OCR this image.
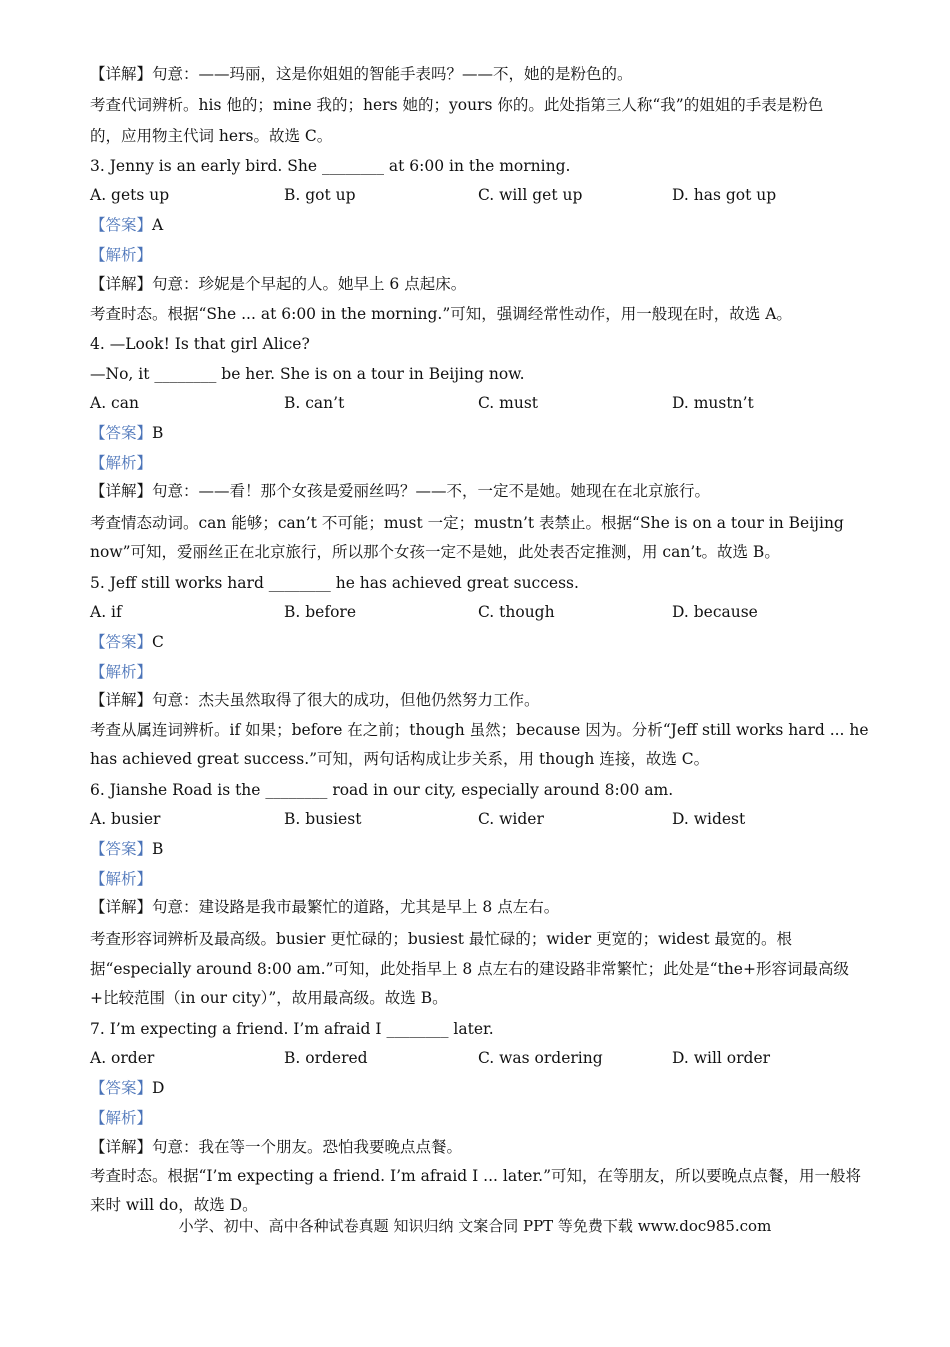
【详解】句意：——玛丽，这是你姐姐的智能手表吗？——不，她的是粉色的。
考查代词辨析。his 他的；mine 我的；hers 她的；yours 你的。此处指第三人称“我”的姐姐的手表是粉色
的，应用物主代词 hers。故选 C。
3. Jenny is an early bird. She ________ at 6:00 in the morning.
A. gets up	B. got up	C. will get up	D. has got up
【答案】A
【解析】
【详解】句意：珍妮是个早起的人。她早上 6 点起床。
考查时态。根据“She ... at 6:00 in the morning.”可知，强调经常性动作，用一般现在时，故选 A。
4. —Look! Is that girl Alice?
—No, it ________ be her. She is on a tour in Beijing now.
A. can	B. can’t	C. must	D. mustn’t
【答案】B
【解析】
【详解】句意：——看！那个女孩是爱丽丝吗？——不，一定不是她。她现在在北京旅行。
考查情态动词。can 能够；can’t 不可能；must 一定；mustn’t 表禁止。根据“She is on a tour in Beijing
now”可知，爱丽丝正在北京旅行，所以那个女孩一定不是她，此处表否定推测，用 can’t。故选 B。
5. Jeff still works hard ________ he has achieved great success.
A. if	B. before	C. though	D. because
【答案】C
【解析】
【详解】句意：杰夫虽然取得了很大的成功，但他仍然努力工作。
考查从属连词辨析。if 如果；before 在之前；though 虽然；because 因为。分析“Jeff still works hard ... he
has achieved great success.”可知，两句话构成让步关系，用 though 连接，故选 C。
6. Jianshe Road is the ________ road in our city, especially around 8:00 am.
A. busier	B. busiest	C. wider	D. widest
【答案】B
【解析】
【详解】句意：建设路是我市最繁忙的道路，尤其是早上 8 点左右。
考查形容词辨析及最高级。busier 更忙碌的；busiest 最忙碌的；wider 更宽的；widest 最宽的。根
据“especially around 8:00 am.”可知，此处指早上 8 点左右的建设路非常繁忙；此处是“the+形容词最高级
+比较范围（in our city）”，故用最高级。故选 B。
7. I’m expecting a friend. I’m afraid I ________ later.
A. order	B. ordered	C. was ordering	D. will order
【答案】D
【解析】
【详解】句意：我在等一个朋友。恐怕我要晚点点餐。
考查时态。根据“I’m expecting a friend. I’m afraid I ... later.”可知，在等朋友，所以要晚点点餐，用一般将
来时 will do，故选 D。
小学、初中、高中各种试卷真题 知识归纳 文案合同 PPT 等免费下载 www.doc985.com
